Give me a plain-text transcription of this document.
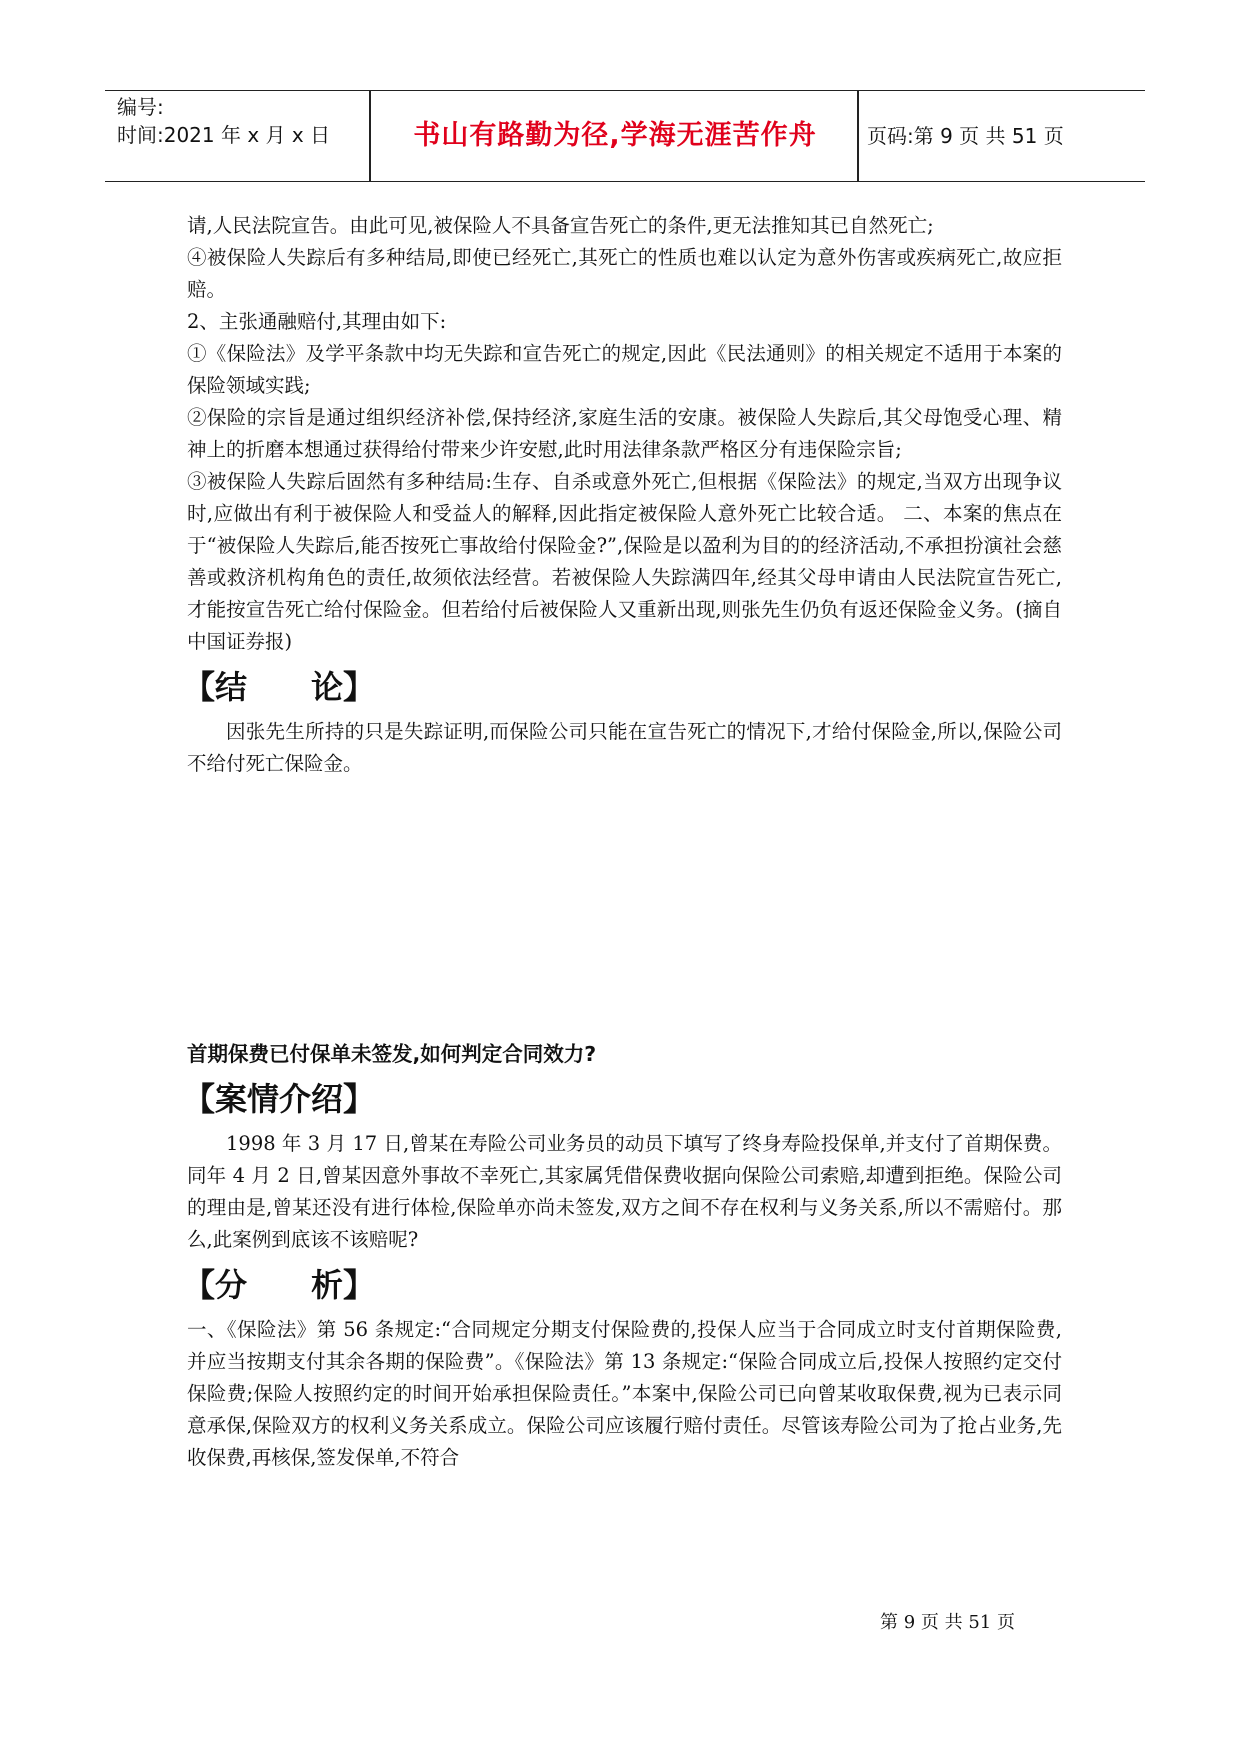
编号:
时间:2021 年 x 月 x 日	书山有路勤为径,学海无涯苦作舟	页码:第 9 页 共 51 页

请,人民法院宣告。由此可见,被保险人不具备宣告死亡的条件,更无法推知其已自然死亡;

④被保险人失踪后有多种结局,即使已经死亡,其死亡的性质也难以认定为意外伤害或疾病死亡,故应拒赔。

2、主张通融赔付,其理由如下:

①《保险法》及学平条款中均无失踪和宣告死亡的规定,因此《民法通则》的相关规定不适用于本案的保险领域实践;

②保险的宗旨是通过组织经济补偿,保持经济,家庭生活的安康。被保险人失踪后,其父母饱受心理、精神上的折磨本想通过获得给付带来少许安慰,此时用法律条款严格区分有违保险宗旨;

③被保险人失踪后固然有多种结局:生存、自杀或意外死亡,但根据《保险法》的规定,当双方出现争议时,应做出有利于被保险人和受益人的解释,因此指定被保险人意外死亡比较合适。 二、本案的焦点在于“被保险人失踪后,能否按死亡事故给付保险金?”,保险是以盈利为目的的经济活动,不承担扮演社会慈善或救济机构角色的责任,故须依法经营。若被保险人失踪满四年,经其父母申请由人民法院宣告死亡,才能按宣告死亡给付保险金。但若给付后被保险人又重新出现,则张先生仍负有返还保险金义务。(摘自中国证券报)

【结　　论】

因张先生所持的只是失踪证明,而保险公司只能在宣告死亡的情况下,才给付保险金,所以,保险公司不给付死亡保险金。

首期保费已付保单未签发,如何判定合同效力?

【案情介绍】

1998 年 3 月 17 日,曾某在寿险公司业务员的动员下填写了终身寿险投保单,并支付了首期保费。同年 4 月 2 日,曾某因意外事故不幸死亡,其家属凭借保费收据向保险公司索赔,却遭到拒绝。保险公司的理由是,曾某还没有进行体检,保险单亦尚未签发,双方之间不存在权利与义务关系,所以不需赔付。那么,此案例到底该不该赔呢?

【分　　析】

一、《保险法》第 56 条规定:“合同规定分期支付保险费的,投保人应当于合同成立时支付首期保险费,并应当按期支付其余各期的保险费”。《保险法》第 13 条规定:“保险合同成立后,投保人按照约定交付保险费;保险人按照约定的时间开始承担保险责任。”本案中,保险公司已向曾某收取保费,视为已表示同意承保,保险双方的权利义务关系成立。保险公司应该履行赔付责任。尽管该寿险公司为了抢占业务,先收保费,再核保,签发保单,不符合

第 9 页 共 51 页
